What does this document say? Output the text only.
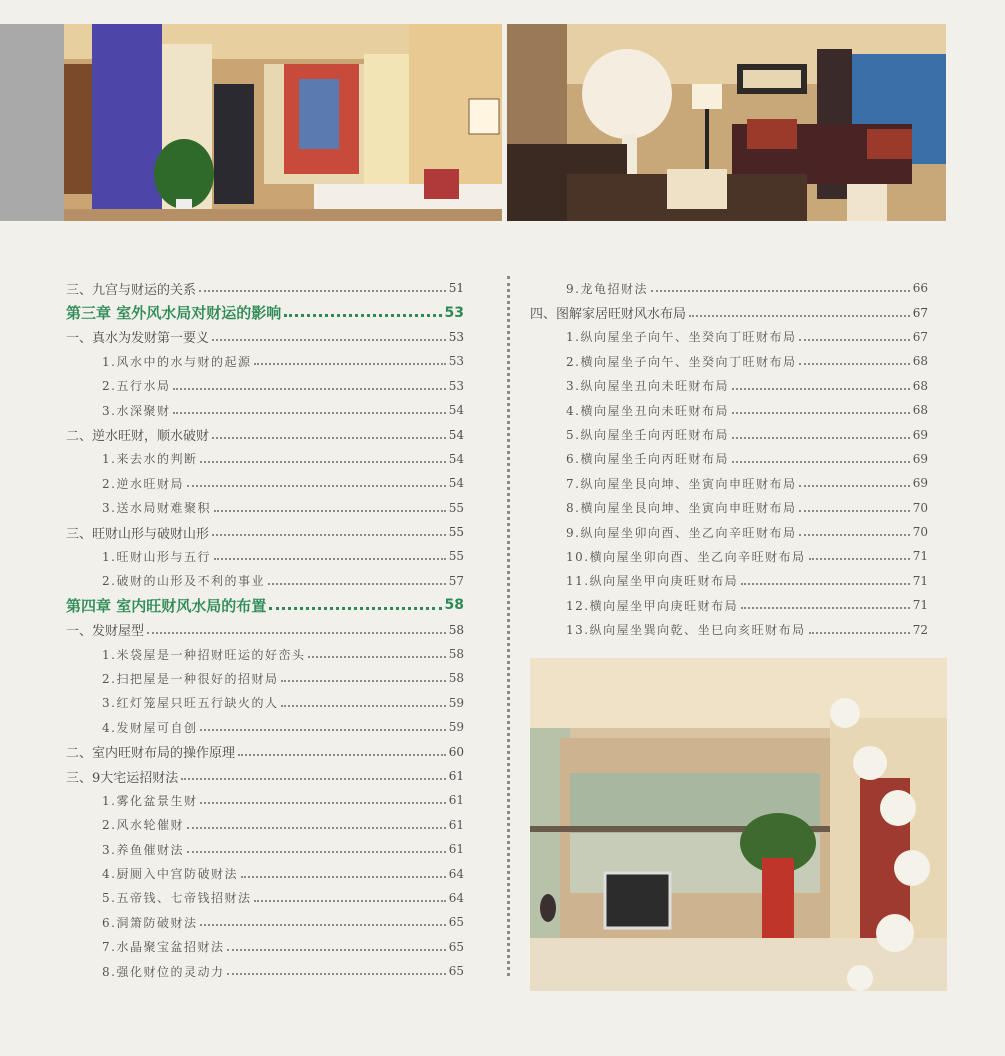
三、九宫与财运的关系	51
第三章 室外风水局对财运的影响	53
一、真水为发财第一要义	53
1.风水中的水与财的起源	53
2.五行水局	53
3.水深聚财	54
二、逆水旺财，顺水破财	54
1.来去水的判断	54
2.逆水旺财局	54
3.送水局财难聚积	55
三、旺财山形与破财山形	55
1.旺财山形与五行	55
2.破财的山形及不利的事业	57
第四章 室内旺财风水局的布置	58
一、发财屋型	58
1.米袋屋是一种招财旺运的好峦头	58
2.扫把屋是一种很好的招财局	58
3.红灯笼屋只旺五行缺火的人	59
4.发财屋可自创	59
二、室内旺财布局的操作原理	60
三、9大宅运招财法	61
1.雾化盆景生财	61
2.风水轮催财	61
3.养鱼催财法	61
4.厨厕入中宫防破财法	64
5.五帝钱、七帝钱招财法	64
6.洞箫防破财法	65
7.水晶聚宝盆招财法	65
8.强化财位的灵动力	65
9.龙龟招财法	66
四、图解家居旺财风水布局	67
1.纵向屋坐子向午、坐癸向丁旺财布局	67
2.横向屋坐子向午、坐癸向丁旺财布局	68
3.纵向屋坐丑向未旺财布局	68
4.横向屋坐丑向未旺财布局	68
5.纵向屋坐壬向丙旺财布局	69
6.横向屋坐壬向丙旺财布局	69
7.纵向屋坐艮向坤、坐寅向申旺财布局	69
8.横向屋坐艮向坤、坐寅向申旺财布局	70
9.纵向屋坐卯向酉、坐乙向辛旺财布局	70
10.横向屋坐卯向酉、坐乙向辛旺财布局	71
11.纵向屋坐甲向庚旺财布局	71
12.横向屋坐甲向庚旺财布局	71
13.纵向屋坐巽向乾、坐巳向亥旺财布局	72
